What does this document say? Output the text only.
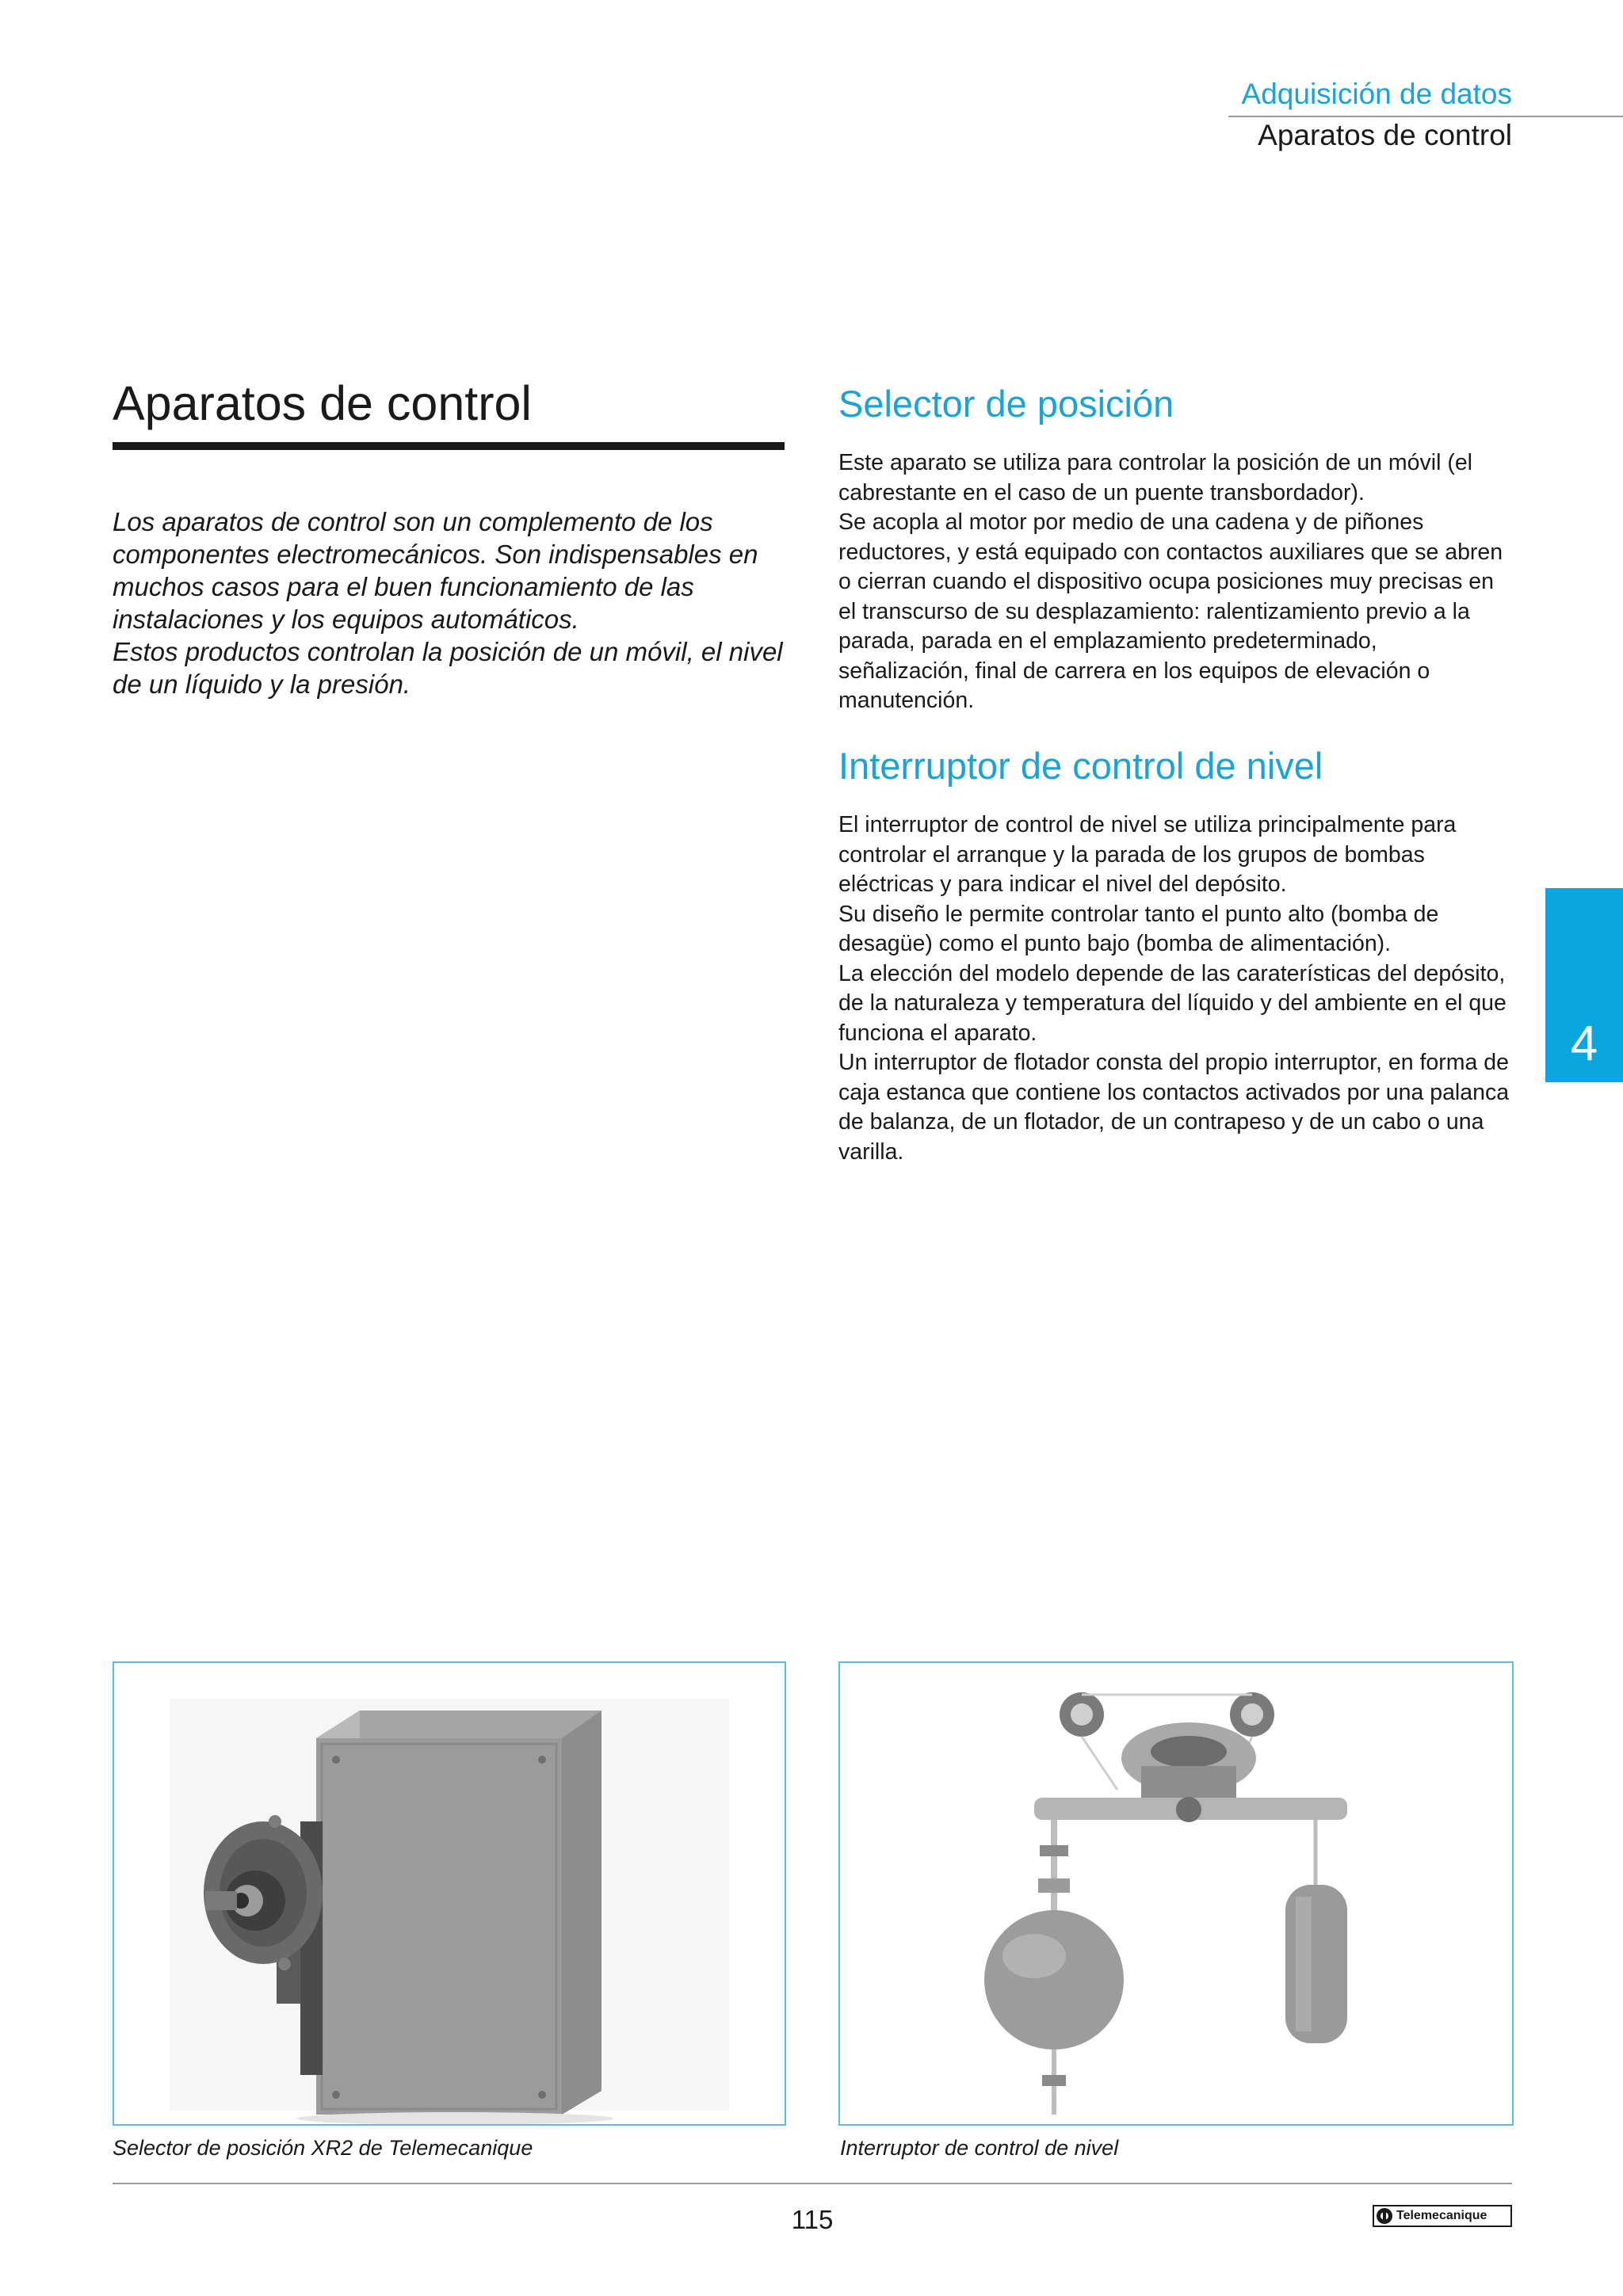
Adquisición de datos
Aparatos de control
Aparatos de control

Los aparatos de control son un complemento de los componentes electromecánicos. Son indispensables en muchos casos para el buen funcionamiento de las instalaciones y los equipos automáticos.

Estos productos controlan la posición de un móvil, el nivel de un líquido y la presión.

Selector de posición

Este aparato se utiliza para controlar la posición de un móvil (el cabrestante en el caso de un puente transbordador).

Se acopla al motor por medio de una cadena y de piñones reductores, y está equipado con contactos auxiliares que se abren o cierran cuando el dispositivo ocupa posiciones muy precisas en el transcurso de su desplazamiento: ralentizamiento previo a la parada, parada en el emplazamiento predeterminado, señalización, final de carrera en los equipos de elevación o manutención.

Interruptor de control de nivel

El interruptor de control de nivel se utiliza principalmente para controlar el arranque y la parada de los grupos de bombas eléctricas y para indicar el nivel del depósito.

Su diseño le permite controlar tanto el punto alto (bomba de desagüe) como el punto bajo (bomba de alimentación).

La elección del modelo depende de las caraterísticas del depósito, de la naturaleza y temperatura del líquido y del ambiente en el que funciona el aparato.

Un interruptor de flotador consta del propio interruptor, en forma de caja estanca que contiene los contactos activados por una palanca de balanza, de un flotador, de un contrapeso y de un cabo o una varilla.

4
Selector de posición XR2 de Telemecanique	Interruptor de control de nivel
115	Telemecanique
